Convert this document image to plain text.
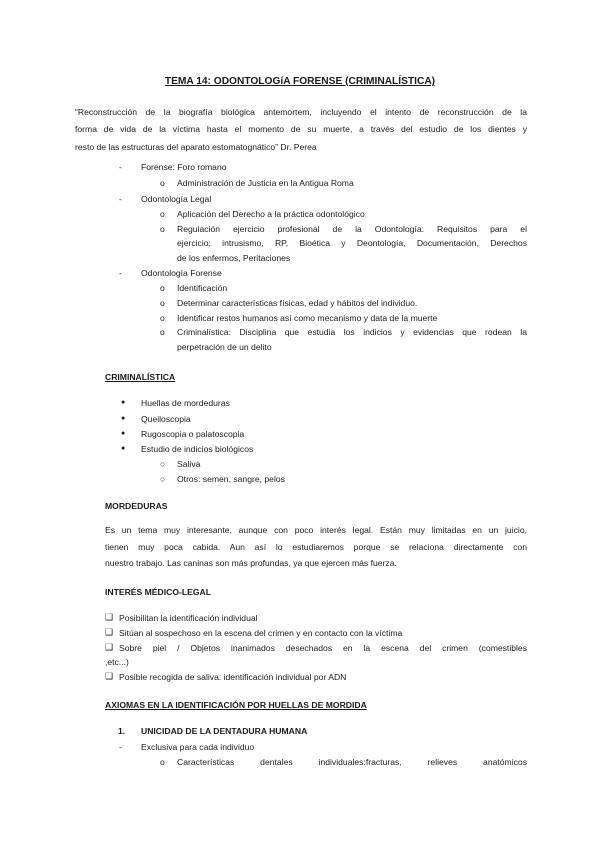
TEMA 14: ODONTOLOGíA FORENSE (CRIMINALÍSTICA)
“Reconstrucción de la biografía biológica antemortem, incluyendo el intento de reconstrucción de la
forma de vida de la víctima hasta el momento de su muerte, a través del estudio de los dientes y
resto de las estructuras del aparato estomatognático” Dr. Perea
- Forense: Foro romano
o Administración de Justicia en la Antigua Roma
- Odontología Legal
o Aplicación del Derecho a la práctica odontológico
o Regulación ejercicio profesional de la Odontología: Requisitos para el
ejercicio: intrusismo, RP, Bioética y Deontología, Documentación, Derechos
de los enfermos, Peritaciones
- Odontología Forense
o Identificación
o Determinar características físicas, edad y hábitos del individuo.
o Identificar restos humanos así como mecanismo y data de la muerte
o Criminalística: Disciplina que estudia los indicios y evidencias que rodean la
perpetración de un delito
CRIMINALÍSTICA
● Huellas de mordeduras
● Queiloscopia
● Rugoscopia o palatoscopia
● Estudio de indicios biológicos
○ Saliva
○ Otros: semen, sangre, pelos
MORDEDURAS
Es un tema muy interesante, aunque con poco interés legal. Están muy limitadas en un juicio,
tienen muy poca cabida. Aun así lo estudiaremos porque se relaciona directamente con
nuestro trabajo. Las caninas son más profundas, ya que ejercen más fuerza.
INTERÉS MÉDICO-LEGAL
❑ Posibilitan la identificación individual
❑ Sitúan al sospechoso en la escena del crimen y en contacto con la víctima
❑ Sobre piel / Objetos inanimados desechados en la escena del crimen (comestibles
,etc...)
❑ Posible recogida de saliva: identificación individual por ADN
AXIOMAS EN LA IDENTIFICACIÓN POR HUELLAS DE MORDIDA
1. UNICIDAD DE LA DENTADURA HUMANA
- Exclusiva para cada individuo
o Características dentales individuales:fracturas, relieves anatómicos
